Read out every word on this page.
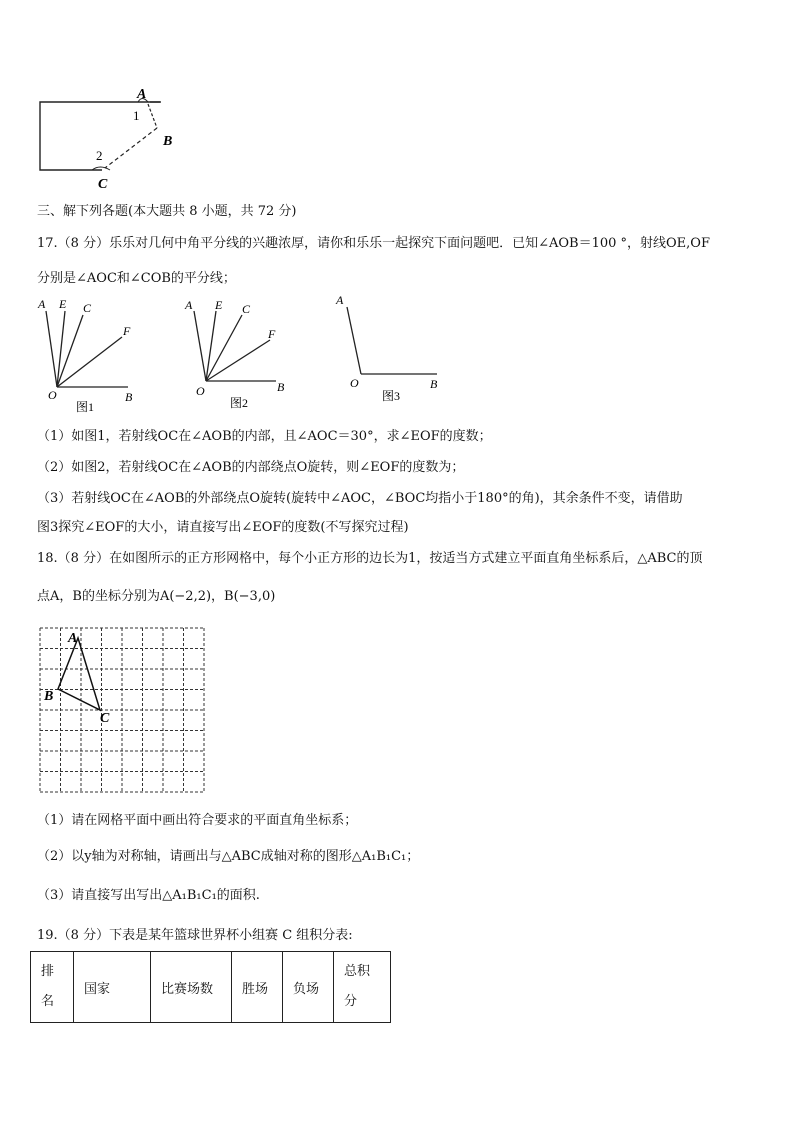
A
B
C
1
2
三、解下列各题(本大题共 8 小题，共 72 分)
17.（8 分）乐乐对几何中角平分线的兴趣浓厚，请你和乐乐一起探究下面问题吧．已知∠AOB＝100 °，射线OE,OF
分别是∠AOC和∠COB的平分线；
A E C
F
O	B
图1
A E C
F
O	B
图2
A
O	B
图3
（1）如图1，若射线OC在∠AOB的内部，且∠AOC＝30°，求∠EOF的度数；
（2）如图2，若射线OC在∠AOB的内部绕点O旋转，则∠EOF的度数为；
（3）若射线OC在∠AOB的外部绕点O旋转(旋转中∠AOC，∠BOC均指小于180°的角)，其余条件不变，请借助
图3探究∠EOF的大小，请直接写出∠EOF的度数(不写探究过程)
18.（8 分）在如图所示的正方形网格中，每个小正方形的边长为1，按适当方式建立平面直角坐标系后，△ABC的顶
点A，B的坐标分别为A(−2,2)，B(−3,0)
A
B
C
（1）请在网格平面中画出符合要求的平面直角坐标系；
（2）以y轴为对称轴，请画出与△ABC成轴对称的图形△A₁B₁C₁；
（3）请直接写出写出△A₁B₁C₁的面积.
19.（8 分）下表是某年篮球世界杯小组赛 C 组积分表:
排
名	国家	比赛场数	胜场	负场	总积
分
